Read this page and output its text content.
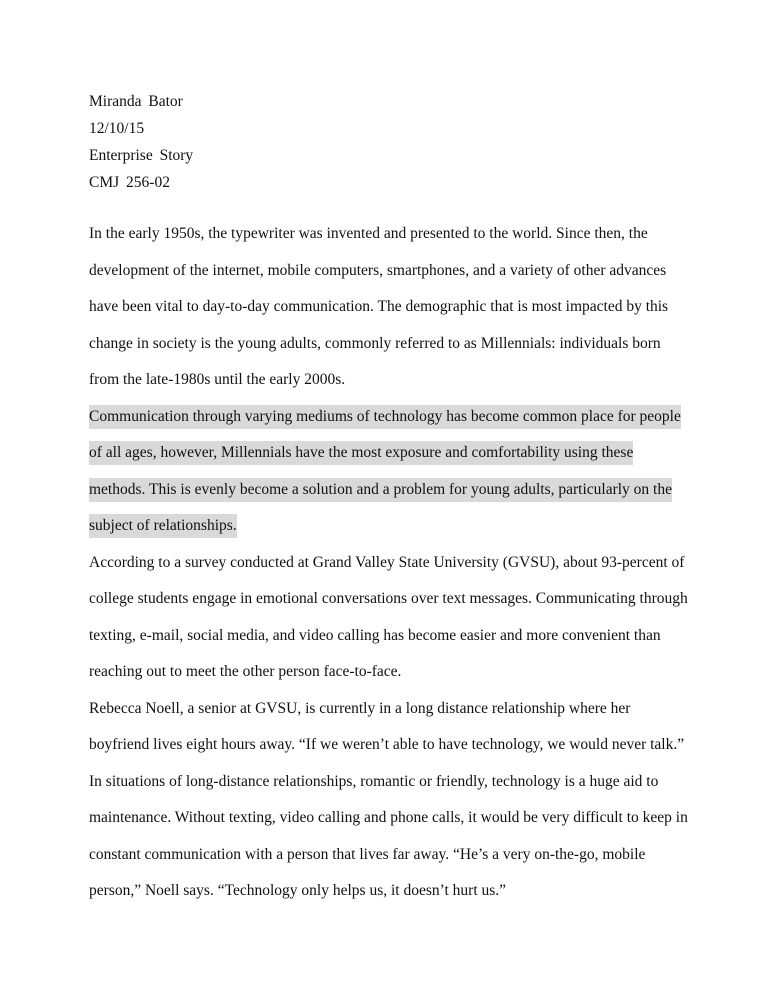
Miranda Bator
12/10/15
Enterprise Story
CMJ 256-02
In the early 1950s, the typewriter was invented and presented to the world. Since then, the
development of the internet, mobile computers, smartphones, and a variety of other advances
have been vital to day-to-day communication. The demographic that is most impacted by this
change in society is the young adults, commonly referred to as Millennials: individuals born
from the late-1980s until the early 2000s.
Communication through varying mediums of technology has become common place for people
of all ages, however, Millennials have the most exposure and comfortability using these
methods. This is evenly become a solution and a problem for young adults, particularly on the
subject of relationships.
According to a survey conducted at Grand Valley State University (GVSU), about 93-percent of
college students engage in emotional conversations over text messages. Communicating through
texting, e-mail, social media, and video calling has become easier and more convenient than
reaching out to meet the other person face-to-face.
Rebecca Noell, a senior at GVSU, is currently in a long distance relationship where her
boyfriend lives eight hours away. “If we weren’t able to have technology, we would never talk.”
In situations of long-distance relationships, romantic or friendly, technology is a huge aid to
maintenance. Without texting, video calling and phone calls, it would be very difficult to keep in
constant communication with a person that lives far away. “He’s a very on-the-go, mobile
person,” Noell says. “Technology only helps us, it doesn’t hurt us.”
